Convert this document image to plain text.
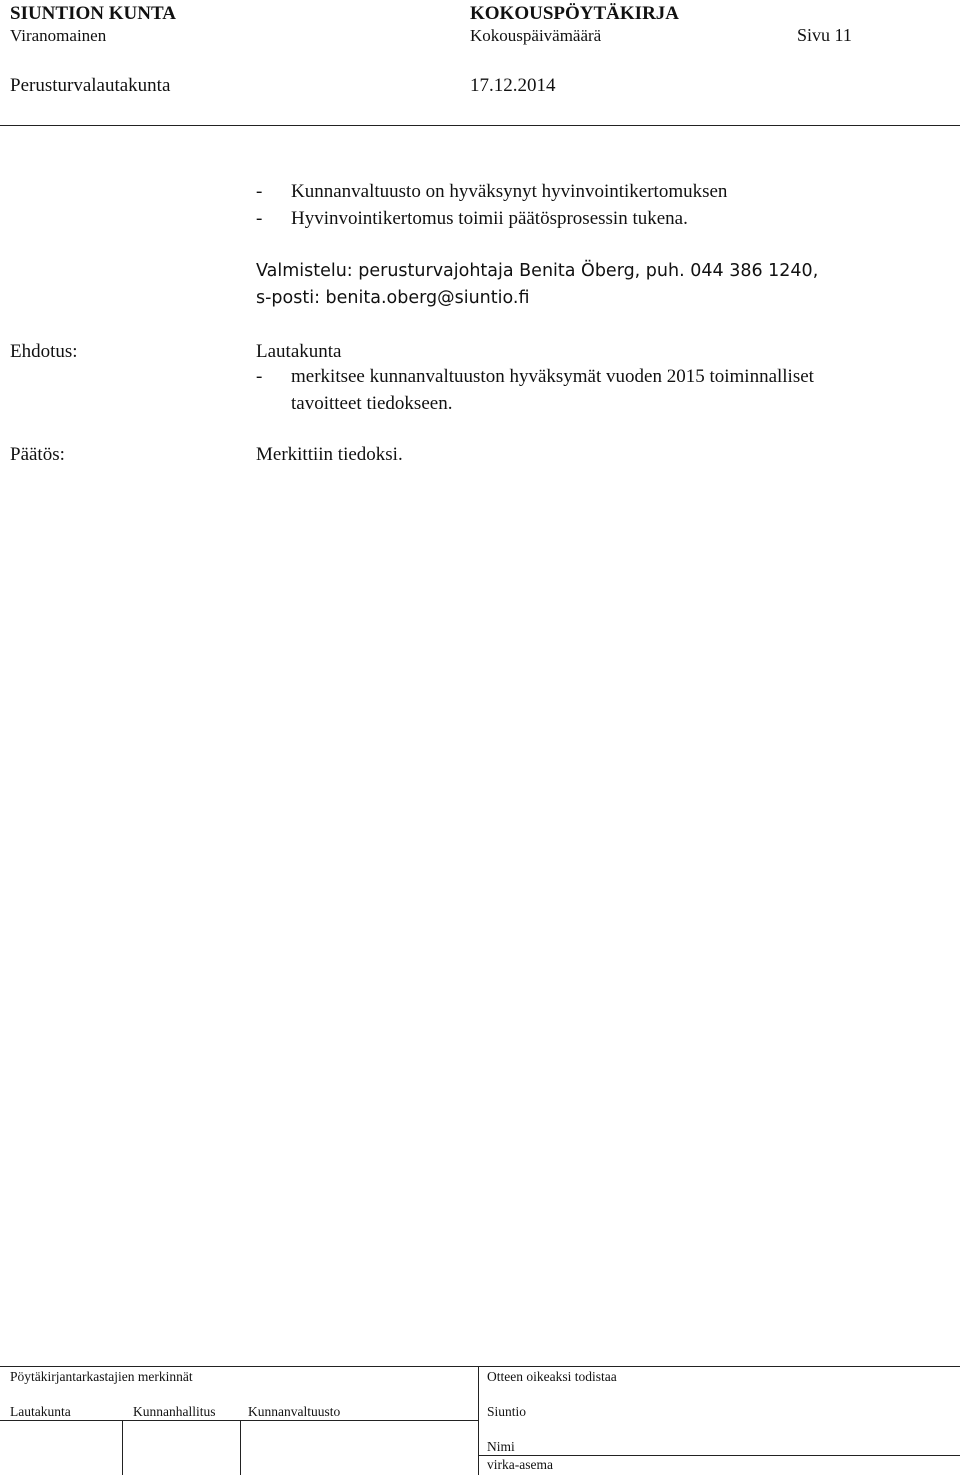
SIUNTION KUNTA	KOKOUSPÖYTÄKIRJA
Viranomainen	Kokouspäivämäärä	Sivu 11
Perusturvalautakunta	17.12.2014
- Kunnanvaltuusto on hyväksynyt hyvinvointikertomuksen
- Hyvinvointikertomus toimii päätösprosessin tukena.
Valmistelu: perusturvajohtaja Benita Öberg, puh. 044 386 1240,
s-posti: benita.oberg@siuntio.fi
Ehdotus:	Lautakunta
- merkitsee kunnanvaltuuston hyväksymät vuoden 2015 toiminnalliset
tavoitteet tiedokseen.
Päätös:	Merkittiin tiedoksi.
Pöytäkirjantarkastajien merkinnät	Otteen oikeaksi todistaa
Lautakunta	Kunnanhallitus Kunnanvaltuusto	Siuntio
Nimi
virka-asema
